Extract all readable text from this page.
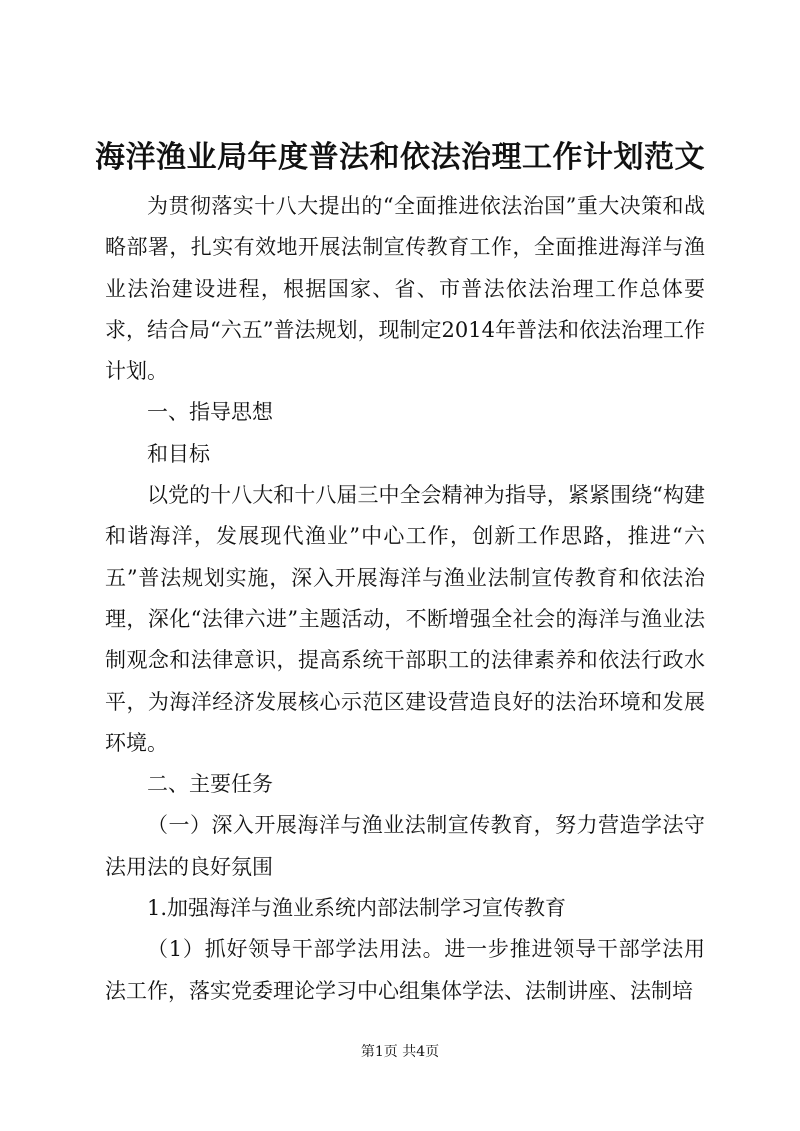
海洋渔业局年度普法和依法治理工作计划范文

为贯彻落实十八大提出的“全面推进依法治国”重大决策和战略部署，扎实有效地开展法制宣传教育工作，全面推进海洋与渔业法治建设进程，根据国家、省、市普法依法治理工作总体要求，结合局“六五”普法规划，现制定2014年普法和依法治理工作计划。

一、指导思想

和目标

以党的十八大和十八届三中全会精神为指导，紧紧围绕“构建和谐海洋，发展现代渔业”中心工作，创新工作思路，推进“六五”普法规划实施，深入开展海洋与渔业法制宣传教育和依法治理，深化“法律六进”主题活动，不断增强全社会的海洋与渔业法制观念和法律意识，提高系统干部职工的法律素养和依法行政水平，为海洋经济发展核心示范区建设营造良好的法治环境和发展环境。

二、主要任务

（一）深入开展海洋与渔业法制宣传教育，努力营造学法守法用法的良好氛围

1.加强海洋与渔业系统内部法制学习宣传教育

（1）抓好领导干部学法用法。进一步推进领导干部学法用法工作，落实党委理论学习中心组集体学法、法制讲座、法制培

第1页 共4页
